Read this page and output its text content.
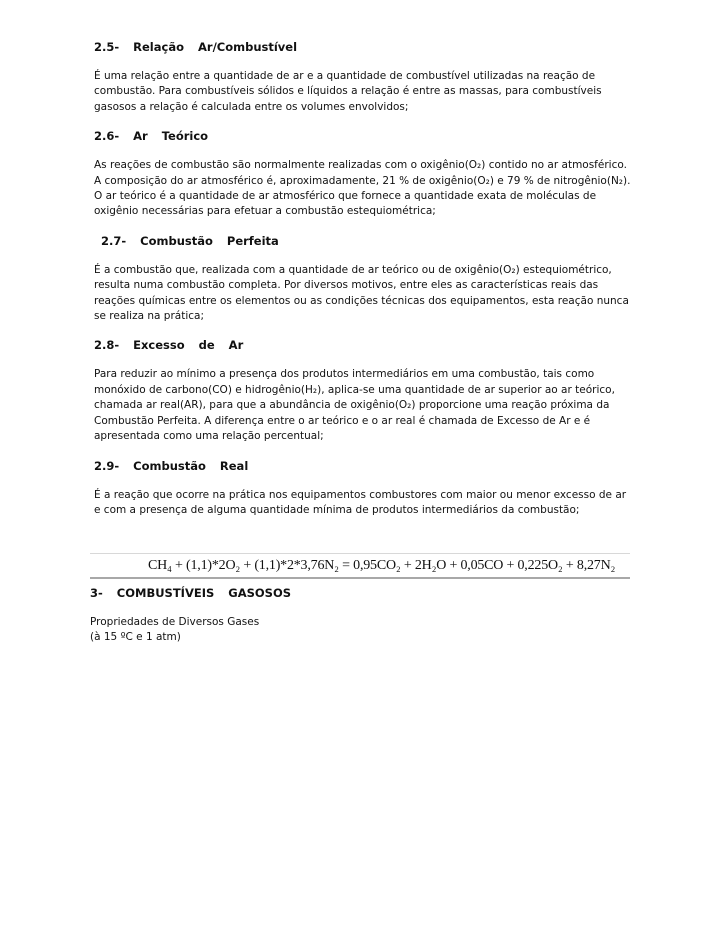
2.5-  Relação  Ar/Combustível
É uma relação entre a quantidade de ar e a quantidade de combustível utilizadas na reação de combustão. Para combustíveis sólidos e líquidos a relação é entre as massas, para combustíveis gasosos a relação é calculada entre os volumes envolvidos;
2.6-  Ar  Teórico
As reações de combustão são normalmente realizadas com o oxigênio(O₂) contido no ar atmosférico. A composição do ar atmosférico é, aproximadamente, 21 % de oxigênio(O₂) e 79 % de nitrogênio(N₂). O ar teórico é a quantidade de ar atmosférico que fornece a quantidade exata de moléculas de oxigênio necessárias para efetuar a combustão estequiométrica;
2.7-  Combustão  Perfeita
É a combustão que, realizada com a quantidade de ar teórico ou de oxigênio(O₂) estequiométrico, resulta numa combustão completa. Por diversos motivos, entre eles as características reais das reações químicas entre os elementos ou as condições técnicas dos equipamentos, esta reação nunca se realiza na prática;
2.8-  Excesso  de  Ar
Para reduzir ao mínimo a presença dos produtos intermediários em uma combustão, tais como monóxido de carbono(CO) e hidrogênio(H₂), aplica-se uma quantidade de ar superior ao ar teórico, chamada ar real(AR), para que a abundância de oxigênio(O₂) proporcione uma reação próxima da Combustão Perfeita. A diferença entre o ar teórico e o ar real é chamada de Excesso de Ar e é apresentada como uma relação percentual;
2.9-  Combustão  Real
É a reação que ocorre na prática nos equipamentos combustores com maior ou menor excesso de ar e com a presença de alguma quantidade mínima de produtos intermediários da combustão;
CH₄ + (1,1)*2O₂ + (1,1)*2*3,76N₂ = 0,95CO₂ + 2H₂O + 0,05CO + 0,225O₂ + 8,27N₂
3-  COMBUSTÍVEIS  GASOSOS
Propriedades de Diversos Gases
(à 15 ºC e 1 atm)
